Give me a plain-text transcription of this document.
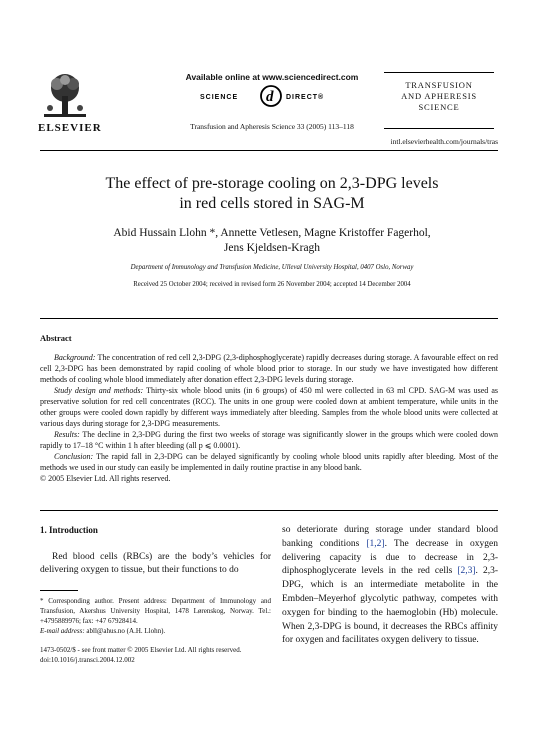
ELSEVIER
Available online at www.sciencedirect.com
SCIENCE d DIRECT®
Transfusion and Apheresis Science 33 (2005) 113–118
TRANSFUSION
AND APHERESIS
SCIENCE
intl.elsevierhealth.com/journals/tras
The effect of pre-storage cooling on 2,3-DPG levels
in red cells stored in SAG-M
Abid Hussain Llohn *, Annette Vetlesen, Magne Kristoffer Fagerhol,
Jens Kjeldsen-Kragh
Department of Immunology and Transfusion Medicine, Ulleval University Hospital, 0407 Oslo, Norway
Received 25 October 2004; received in revised form 26 November 2004; accepted 14 December 2004
Abstract

Background: The concentration of red cell 2,3-DPG (2,3-diphosphoglycerate) rapidly decreases during storage. A favourable effect on red cell 2,3-DPG has been demonstrated by rapid cooling of whole blood prior to storage. In our study we have investigated how different methods of cooling whole blood immediately after donation effect 2,3-DPG levels during storage.

Study design and methods: Thirty-six whole blood units (in 6 groups) of 450 ml were collected in 63 ml CPD. SAG-M was used as preservative solution for red cell concentrates (RCC). The units in one group were cooled down at ambient temperature, while units in the other groups were cooled down rapidly by different ways immediately after bleeding. Samples from the whole blood units were collected at various days during storage for 2,3-DPG measurements.

Results: The decline in 2,3-DPG during the first two weeks of storage was significantly slower in the groups which were cooled down rapidly to 17–18 °C within 1 h after bleeding (all p ⩽ 0.0001).

Conclusion: The rapid fall in 2,3-DPG can be delayed significantly by cooling whole blood units rapidly after bleeding. Most of the methods we used in our study can easily be implemented in daily routine practise in any blood bank.

© 2005 Elsevier Ltd. All rights reserved.

1. Introduction

Red blood cells (RBCs) are the body’s vehicles for delivering oxygen to tissue, but their functions to do

so deteriorate during storage under standard blood banking conditions [1,2]. The decrease in oxygen delivering capacity is due to decrease in 2,3-diphosphoglycerate levels in the red cells [2,3]. 2,3-DPG, which is an intermediate metabolite in the Embden–Meyerhof glycolytic pathway, competes with oxygen for binding to the haemoglobin (Hb) molecule. When 2,3-DPG is bound, it decreases the RBCs affinity for oxygen and facilitates oxygen delivery to tissue.
* Corresponding author. Present address: Department of Immunology and Transfusion, Akershus University Hospital, 1478 Lørenskog, Norway. Tel.: +4795889976; fax: +47 67928414.
E-mail address: abll@ahus.no (A.H. Llohn).
1473-0502/$ - see front matter © 2005 Elsevier Ltd. All rights reserved.
doi:10.1016/j.transci.2004.12.002
